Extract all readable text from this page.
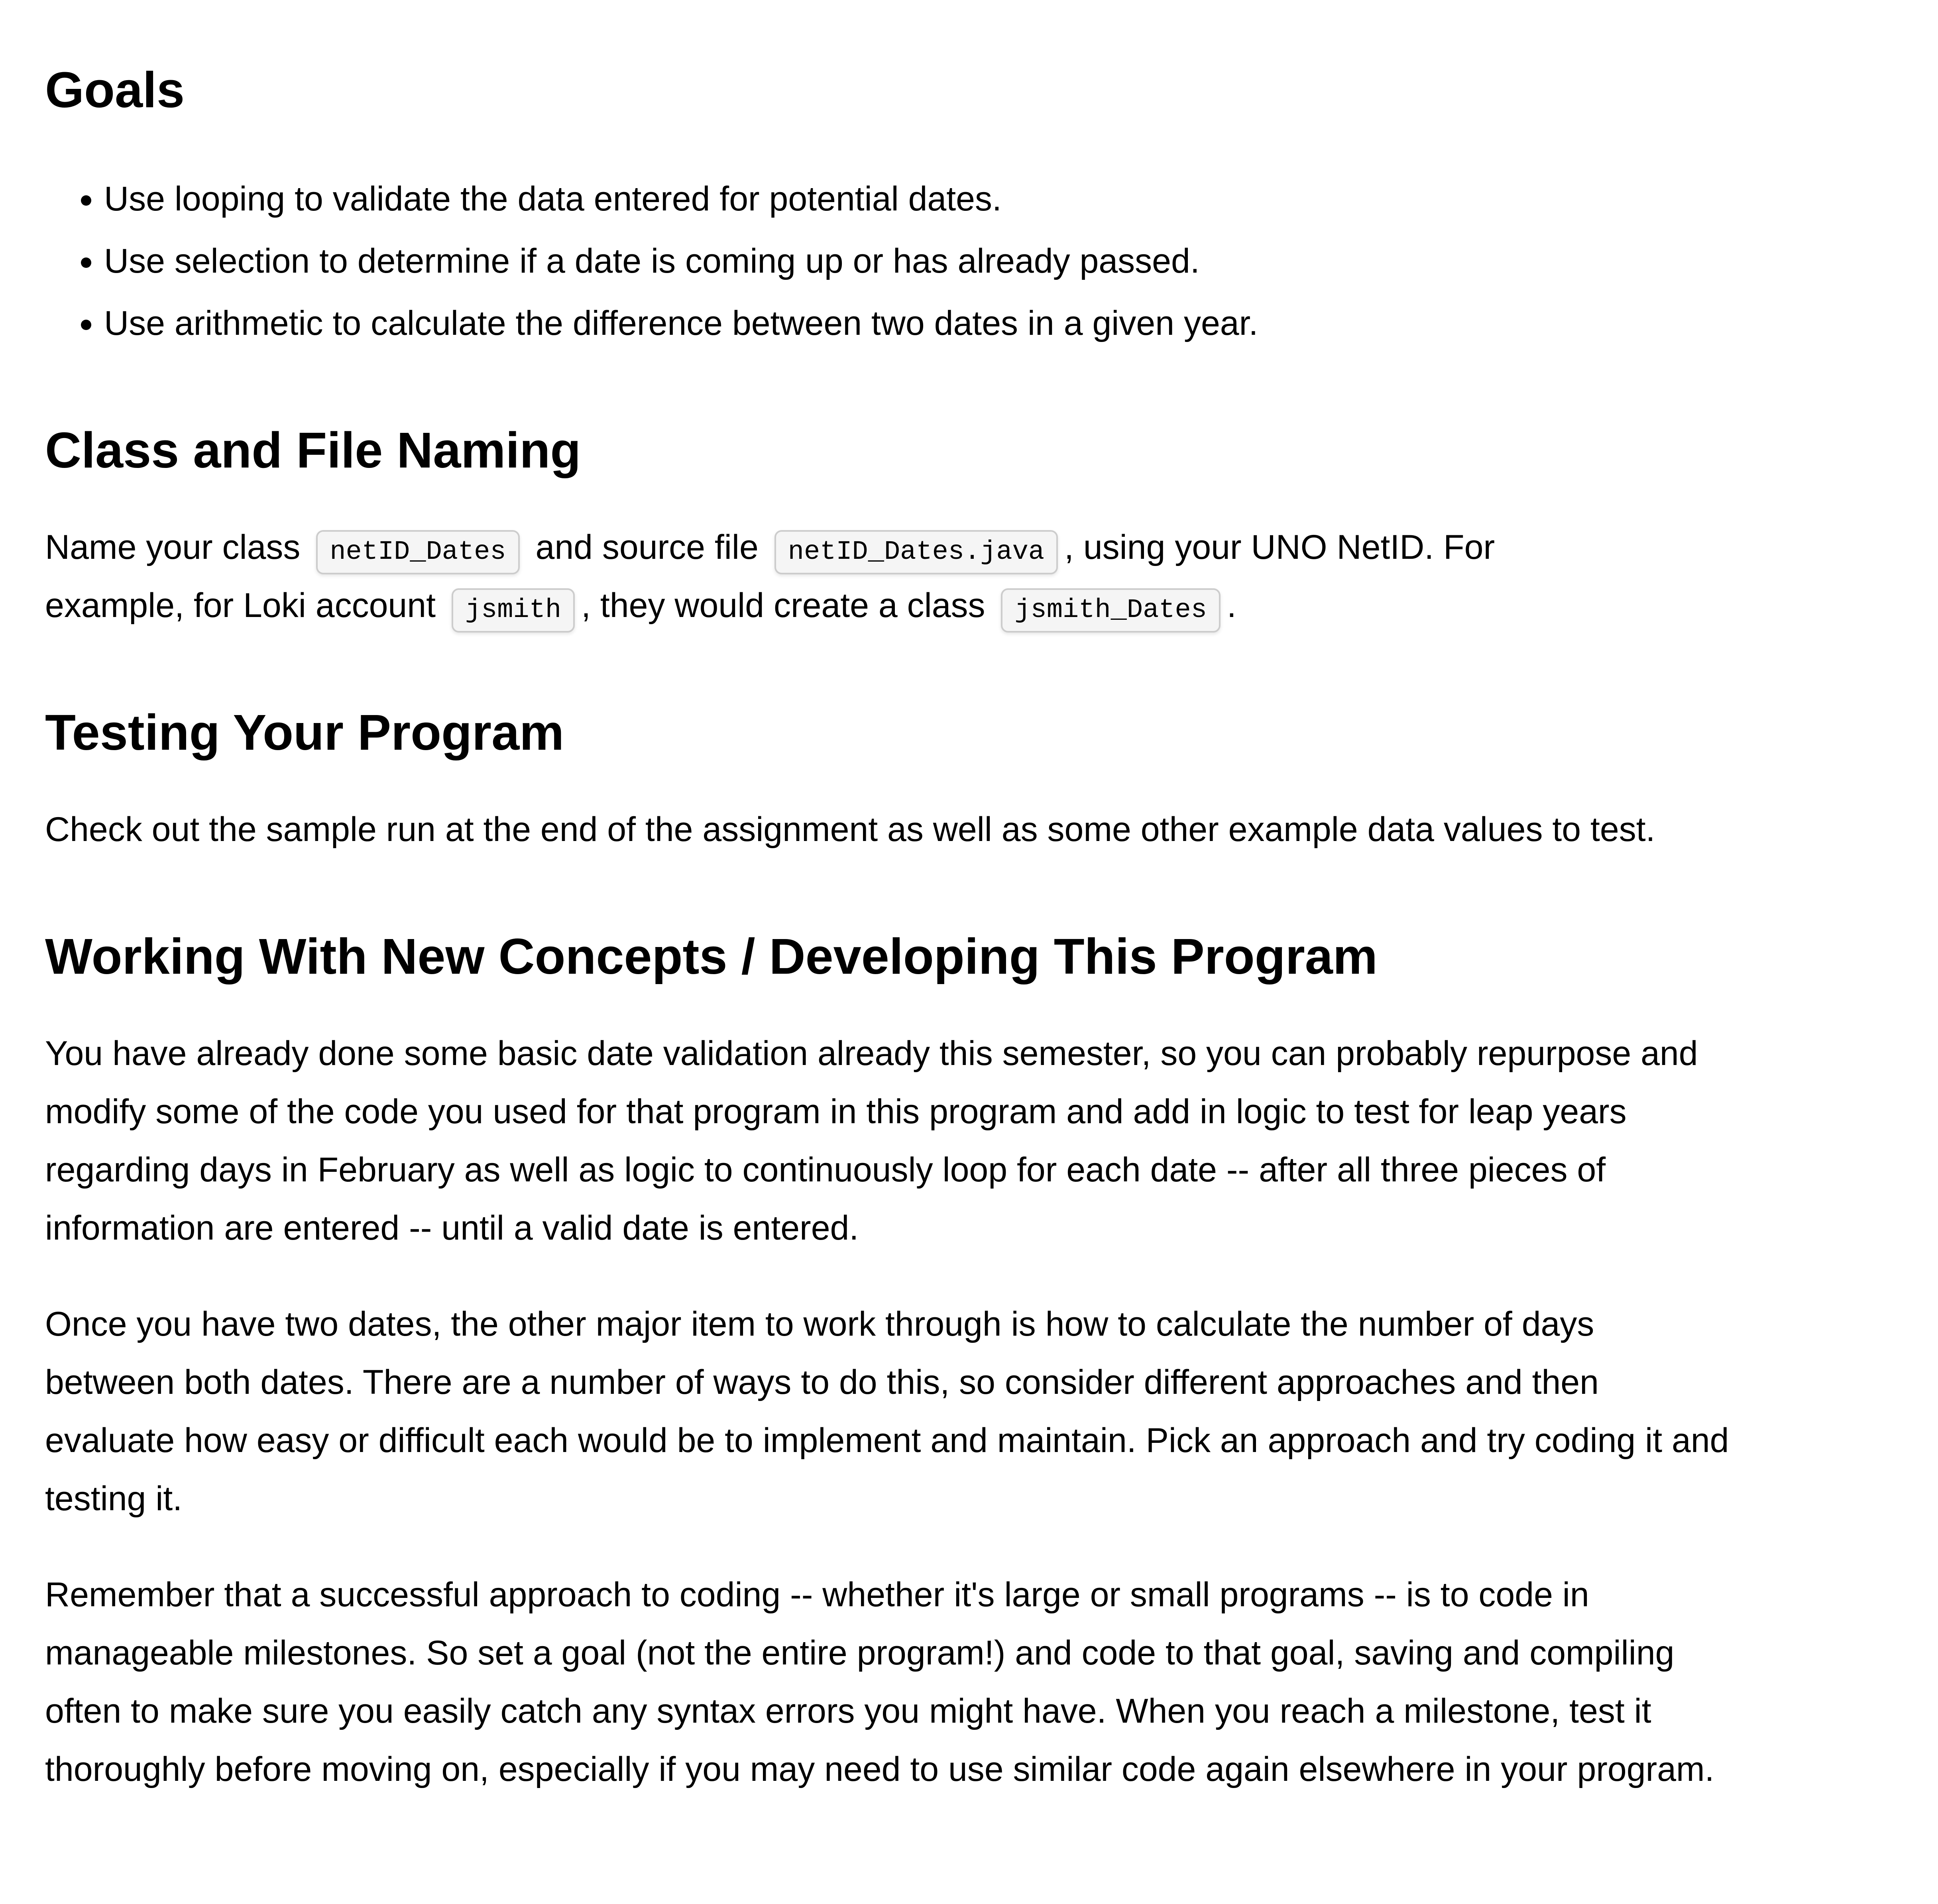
Goals
• Use looping to validate the data entered for potential dates.
• Use selection to determine if a date is coming up or has already passed.
• Use arithmetic to calculate the difference between two dates in a given year.
Class and File Naming

Name your class netID_Dates and source file netID_Dates.java , using your UNO NetID. For
example, for Loki account jsmith , they would create a class jsmith_Dates .

Testing Your Program

Check out the sample run at the end of the assignment as well as some other example data values to test.

Working With New Concepts / Developing This Program

You have already done some basic date validation already this semester, so you can probably repurpose and
modify some of the code you used for that program in this program and add in logic to test for leap years
regarding days in February as well as logic to continuously loop for each date -- after all three pieces of
information are entered -- until a valid date is entered.

Once you have two dates, the other major item to work through is how to calculate the number of days
between both dates. There are a number of ways to do this, so consider different approaches and then
evaluate how easy or difficult each would be to implement and maintain. Pick an approach and try coding it and
testing it.

Remember that a successful approach to coding -- whether it's large or small programs -- is to code in
manageable milestones. So set a goal (not the entire program!) and code to that goal, saving and compiling
often to make sure you easily catch any syntax errors you might have. When you reach a milestone, test it
thoroughly before moving on, especially if you may need to use similar code again elsewhere in your program.
